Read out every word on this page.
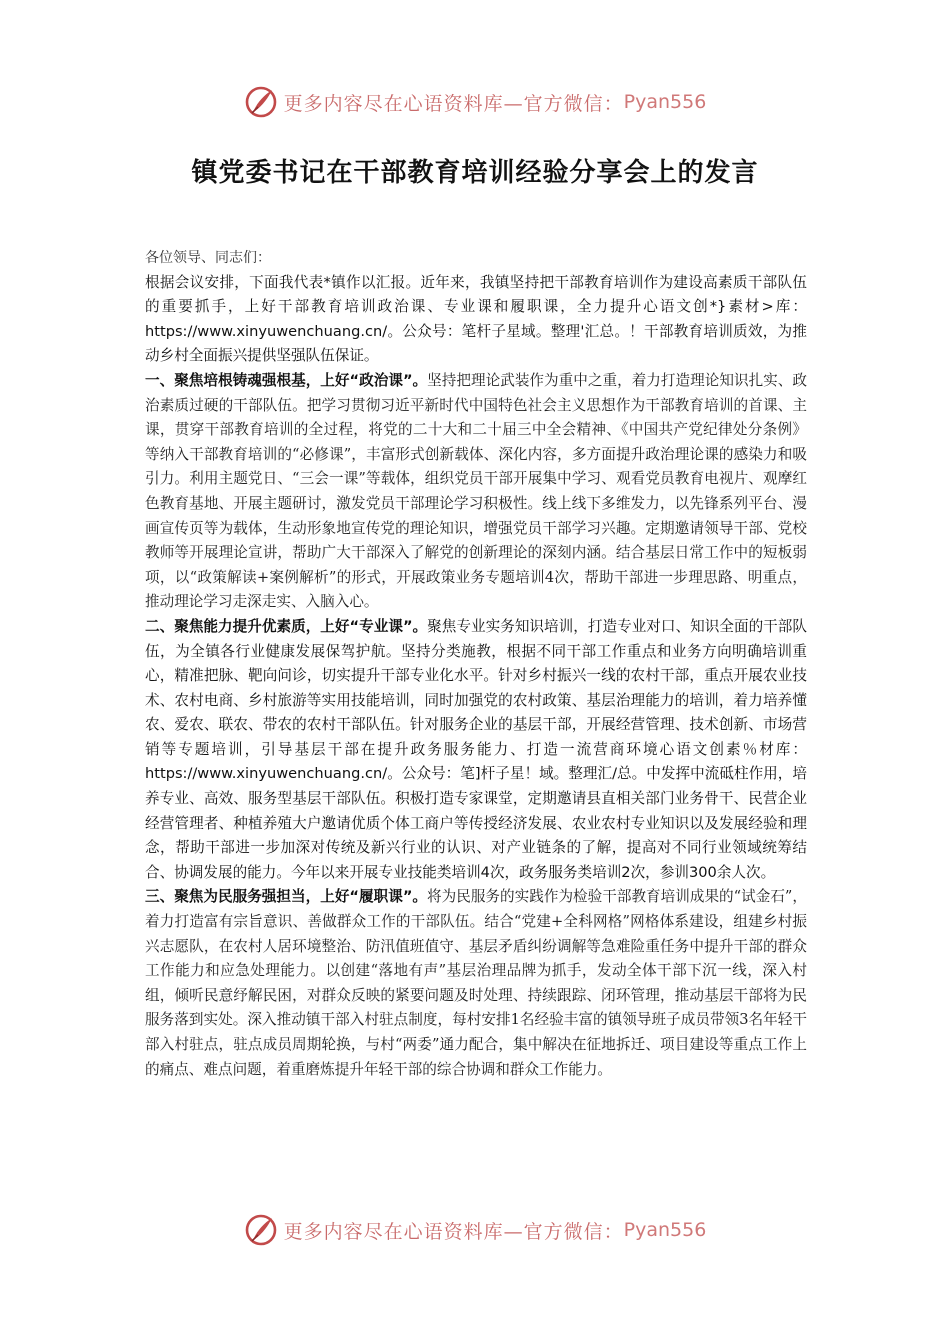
更多内容尽在心语资料库—官方微信： Pyan556
镇党委书记在干部教育培训经验分享会上的发言

各位领导、同志们：

根据会议安排，下面我代表*镇作以汇报。近年来，我镇坚持把干部教育培训作为建设高素质干部队伍的重要抓手，上好干部教育培训政治课、专业课和履职课，全力提升心语文创*}素材>库：https://www.xinyuwenchuang.cn/。公众号：笔杆子星域。整理'汇总。！干部教育培训质效，为推动乡村全面振兴提供坚强队伍保证。

一、聚焦培根铸魂强根基，上好“政治课”。坚持把理论武装作为重中之重，着力打造理论知识扎实、政治素质过硬的干部队伍。把学习贯彻习近平新时代中国特色社会主义思想作为干部教育培训的首课、主课，贯穿干部教育培训的全过程，将党的二十大和二十届三中全会精神、《中国共产党纪律处分条例》等纳入干部教育培训的“必修课”，丰富形式创新载体、深化内容，多方面提升政治理论课的感染力和吸引力。利用主题党日、“三会一课”等载体，组织党员干部开展集中学习、观看党员教育电视片、观摩红色教育基地、开展主题研讨，激发党员干部理论学习积极性。线上线下多维发力，以先锋系列平台、漫画宣传页等为载体，生动形象地宣传党的理论知识，增强党员干部学习兴趣。定期邀请领导干部、党校教师等开展理论宣讲，帮助广大干部深入了解党的创新理论的深刻内涵。结合基层日常工作中的短板弱项，以“政策解读+案例解析”的形式，开展政策业务专题培训4次，帮助干部进一步理思路、明重点，推动理论学习走深走实、入脑入心。

二、聚焦能力提升优素质，上好“专业课”。聚焦专业实务知识培训，打造专业对口、知识全面的干部队伍，为全镇各行业健康发展保驾护航。坚持分类施教，根据不同干部工作重点和业务方向明确培训重心，精准把脉、靶向问诊，切实提升干部专业化水平。针对乡村振兴一线的农村干部，重点开展农业技术、农村电商、乡村旅游等实用技能培训，同时加强党的农村政策、基层治理能力的培训，着力培养懂农、爱农、联农、带农的农村干部队伍。针对服务企业的基层干部，开展经营管理、技术创新、市场营销等专题培训，引导基层干部在提升政务服务能力、打造一流营商环境心语文创素％材库：https://www.xinyuwenchuang.cn/。公众号：笔]杆子星！域。整理汇/总。中发挥中流砥柱作用，培养专业、高效、服务型基层干部队伍。积极打造专家课堂，定期邀请县直相关部门业务骨干、民营企业经营管理者、种植养殖大户邀请优质个体工商户等传授经济发展、农业农村专业知识以及发展经验和理念，帮助干部进一步加深对传统及新兴行业的认识、对产业链条的了解，提高对不同行业领域统筹结合、协调发展的能力。今年以来开展专业技能类培训4次，政务服务类培训2次，参训300余人次。

三、聚焦为民服务强担当，上好“履职课”。将为民服务的实践作为检验干部教育培训成果的“试金石”，着力打造富有宗旨意识、善做群众工作的干部队伍。结合“党建+全科网格”网格体系建设，组建乡村振兴志愿队，在农村人居环境整治、防汛值班值守、基层矛盾纠纷调解等急难险重任务中提升干部的群众工作能力和应急处理能力。以创建“落地有声”基层治理品牌为抓手，发动全体干部下沉一线，深入村组，倾听民意纾解民困，对群众反映的紧要问题及时处理、持续跟踪、闭环管理，推动基层干部将为民服务落到实处。深入推动镇干部入村驻点制度，每村安排1名经验丰富的镇领导班子成员带领3名年轻干部入村驻点，驻点成员周期轮换，与村“两委”通力配合，集中解决在征地拆迁、项目建设等重点工作上的痛点、难点问题，着重磨炼提升年轻干部的综合协调和群众工作能力。

更多内容尽在心语资料库—官方微信： Pyan556
